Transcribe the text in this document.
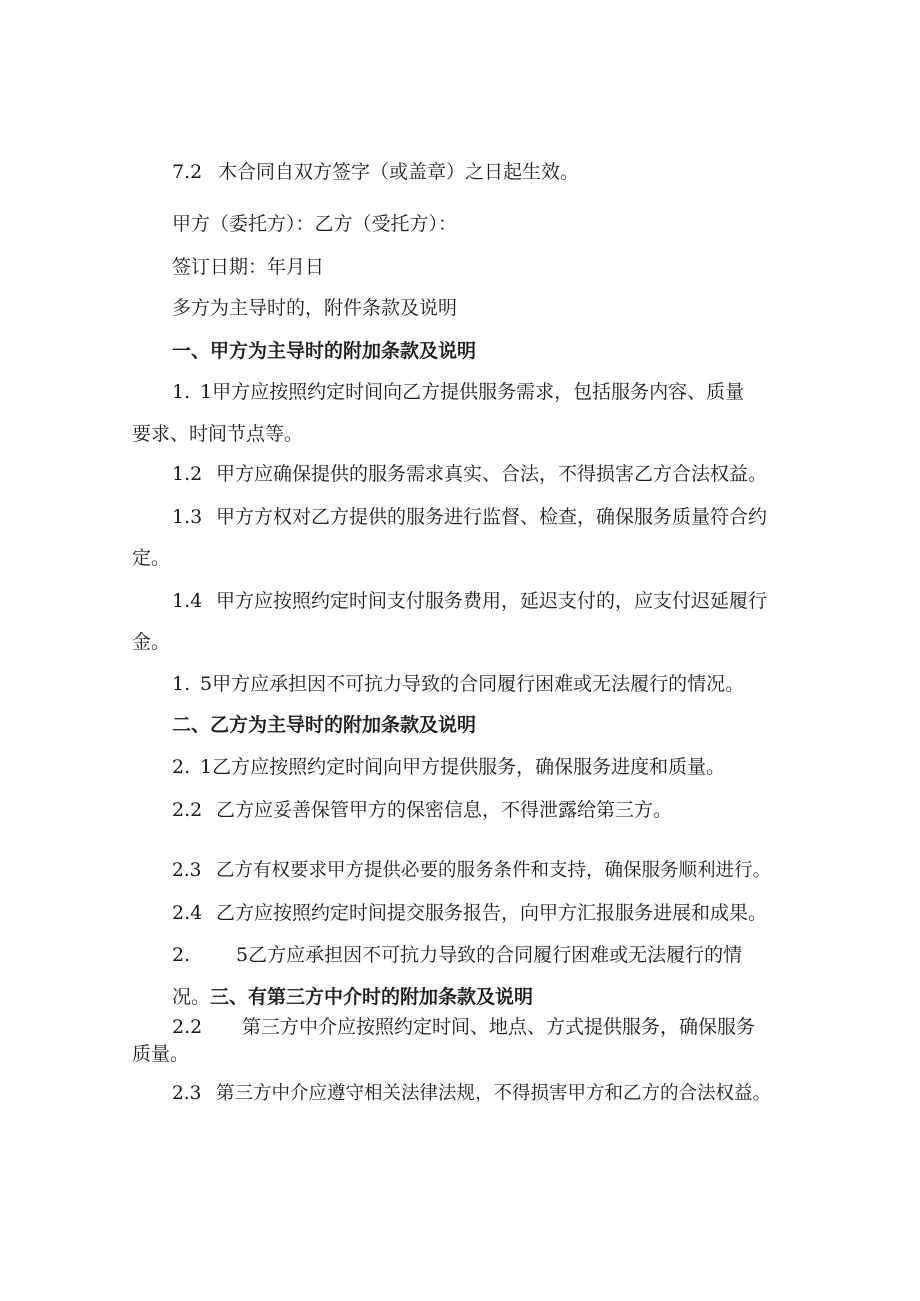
7.2 木合同自双方签字（或盖章）之日起生效。
甲方（委托方）：乙方（受托方）：
签订日期：年月日
多方为主导时的，附件条款及说明
一、甲方为主导时的附加条款及说明
1. 1甲方应按照约定时间向乙方提供服务需求，包括服务内容、质量
要求、时间节点等。
1.2 甲方应确保提供的服务需求真实、合法，不得损害乙方合法权益。
1.3 甲方方权对乙方提供的服务进行监督、检查，确保服务质量符合约
定。
1.4 甲方应按照约定时间支付服务费用，延迟支付的，应支付迟延履行
金。
1. 5甲方应承担因不可抗力导致的合同履行困难或无法履行的情况。
二、乙方为主导时的附加条款及说明
2. 1乙方应按照约定时间向甲方提供服务，确保服务进度和质量。
2.2 乙方应妥善保管甲方的保密信息，不得泄露给第三方。
2.3 乙方有权要求甲方提供必要的服务条件和支持，确保服务顺利进行。
2.4 乙方应按照约定时间提交服务报告，向甲方汇报服务进展和成果。
2. 5乙方应承担因不可抗力导致的合同履行困难或无法履行的情
况。三、有第三方中介时的附加条款及说明
2.2 第三方中介应按照约定时间、地点、方式提供服务，确保服务
质量。
2.3 第三方中介应遵守相关法律法规，不得损害甲方和乙方的合法权益。
